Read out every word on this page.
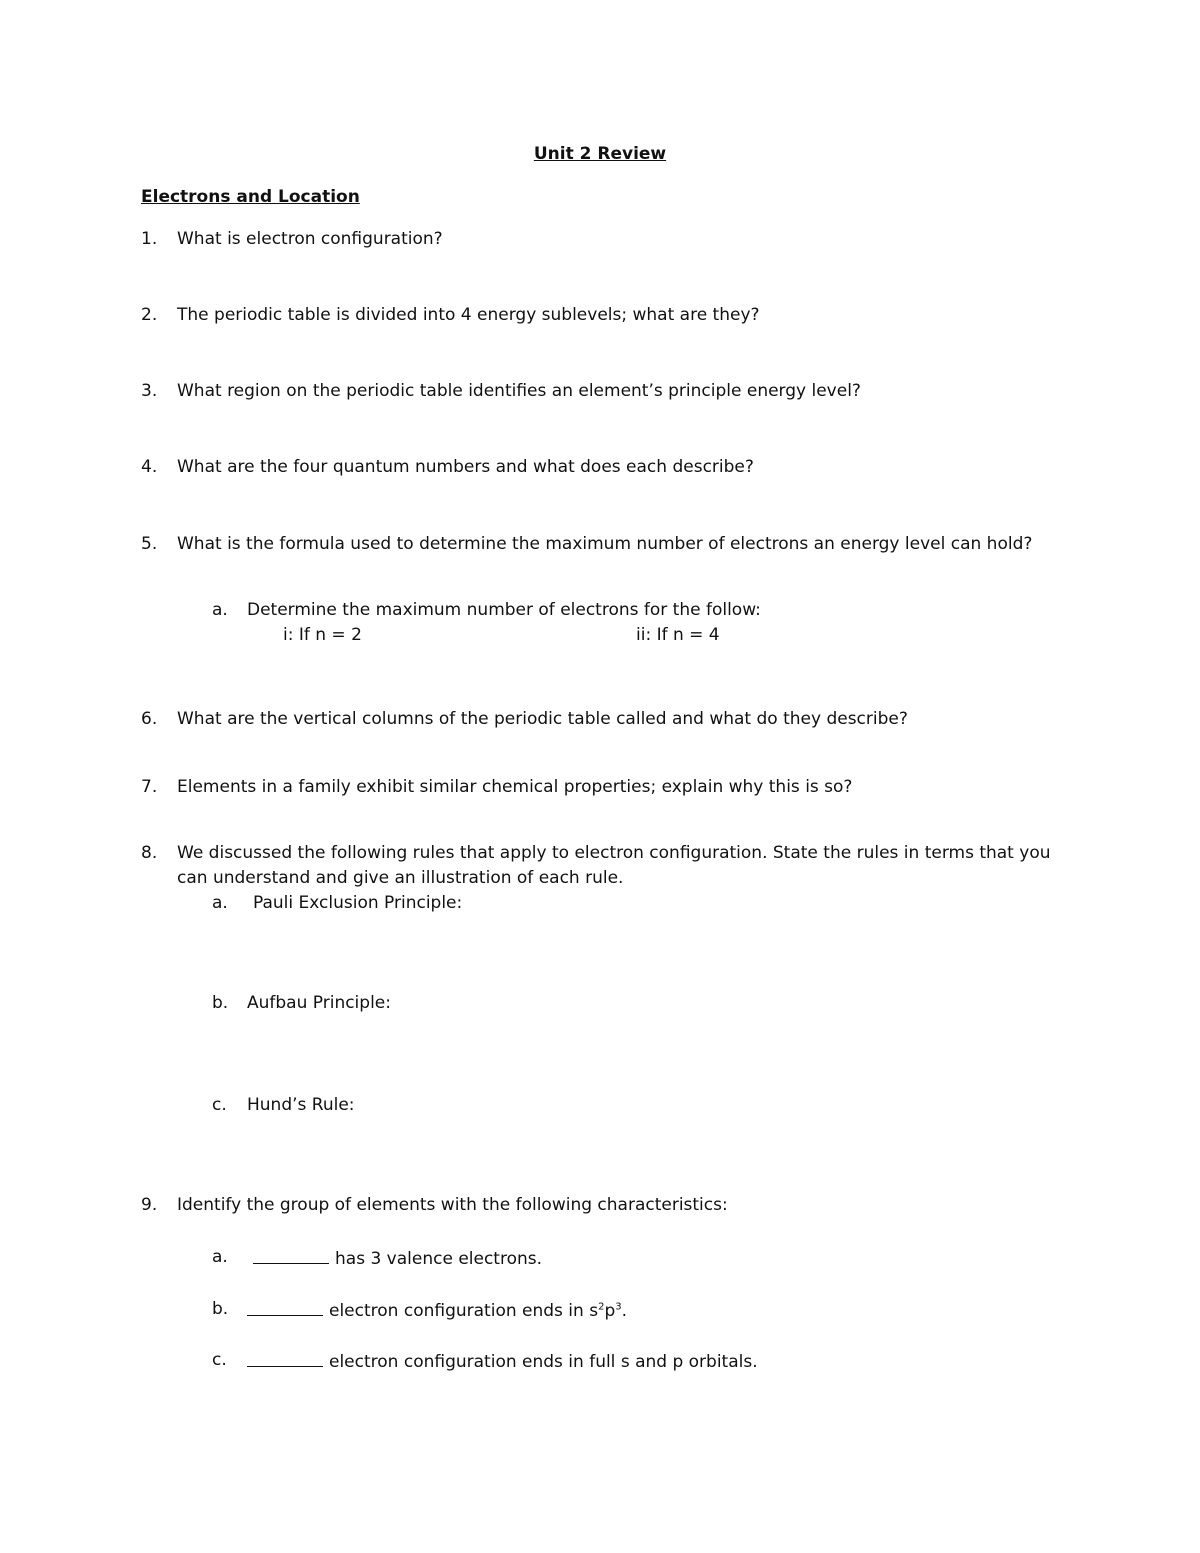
Unit 2 Review
Electrons and Location
1. What is electron configuration?
2. The periodic table is divided into 4 energy sublevels; what are they?
3. What region on the periodic table identifies an element’s principle energy level?
4. What are the four quantum numbers and what does each describe?
5. What is the formula used to determine the maximum number of electrons an energy level can hold?
a. Determine the maximum number of electrons for the follow:
i: If n = 2	ii: If n = 4
6. What are the vertical columns of the periodic table called and what do they describe?
7. Elements in a family exhibit similar chemical properties; explain why this is so?
8. We discussed the following rules that apply to electron configuration. State the rules in terms that you
can understand and give an illustration of each rule.
a. Pauli Exclusion Principle:
b. Aufbau Principle:
c. Hund’s Rule:
9. Identify the group of elements with the following characteristics:
a.	has 3 valence electrons.
b.	electron configuration ends in $s^2p^3$.
c.	electron configuration ends in full s and p orbitals.
